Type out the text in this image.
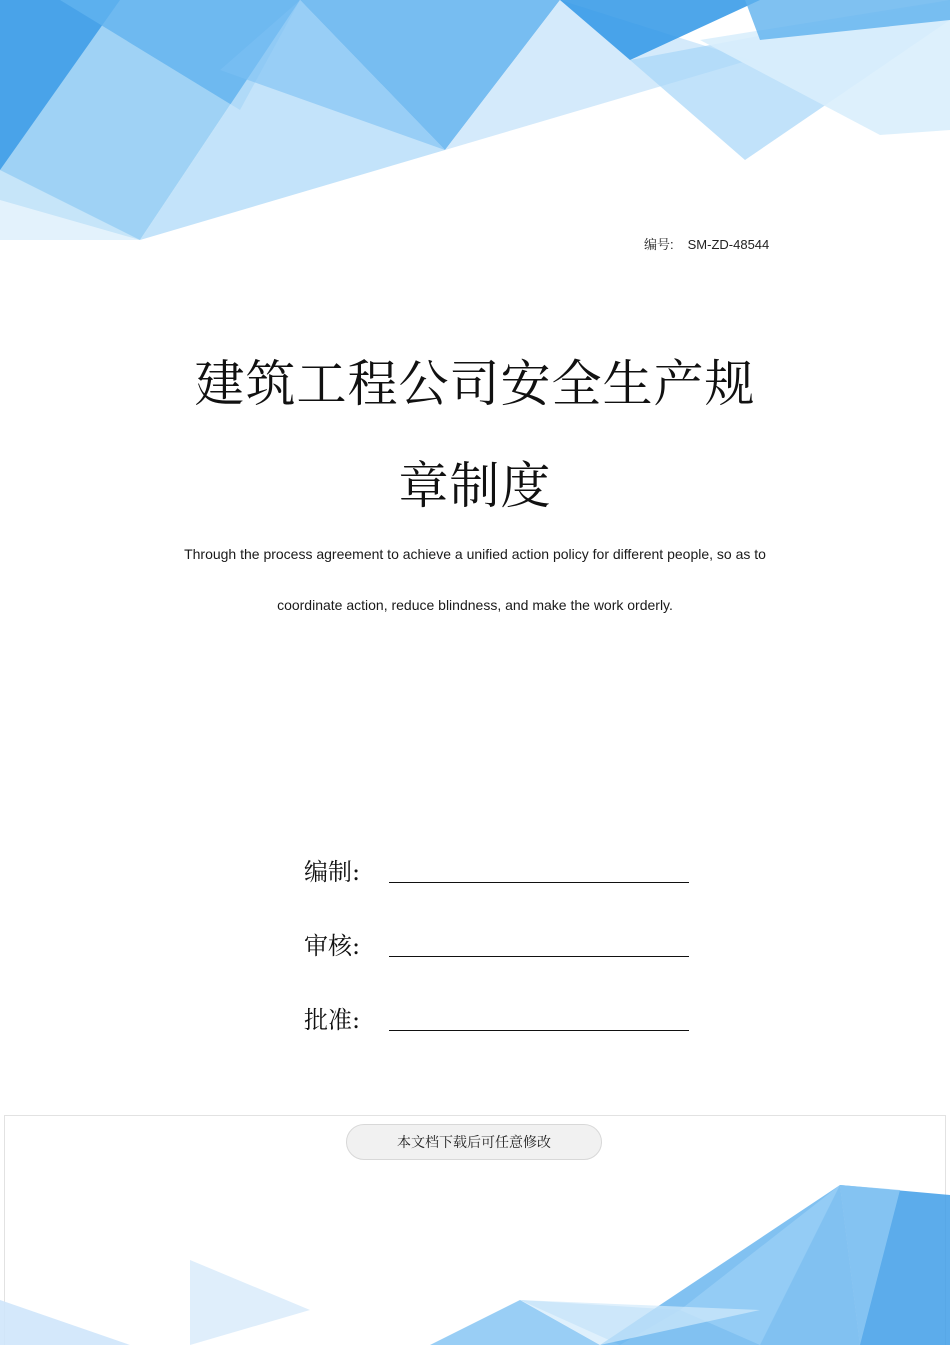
编号: SM-ZD-48544
建筑工程公司安全生产规
章制度
Through the process agreement to achieve a unified action policy for different people, so as to
coordinate action, reduce blindness, and make the work orderly.
编制:
审核:
批准:
本文档下载后可任意修改
